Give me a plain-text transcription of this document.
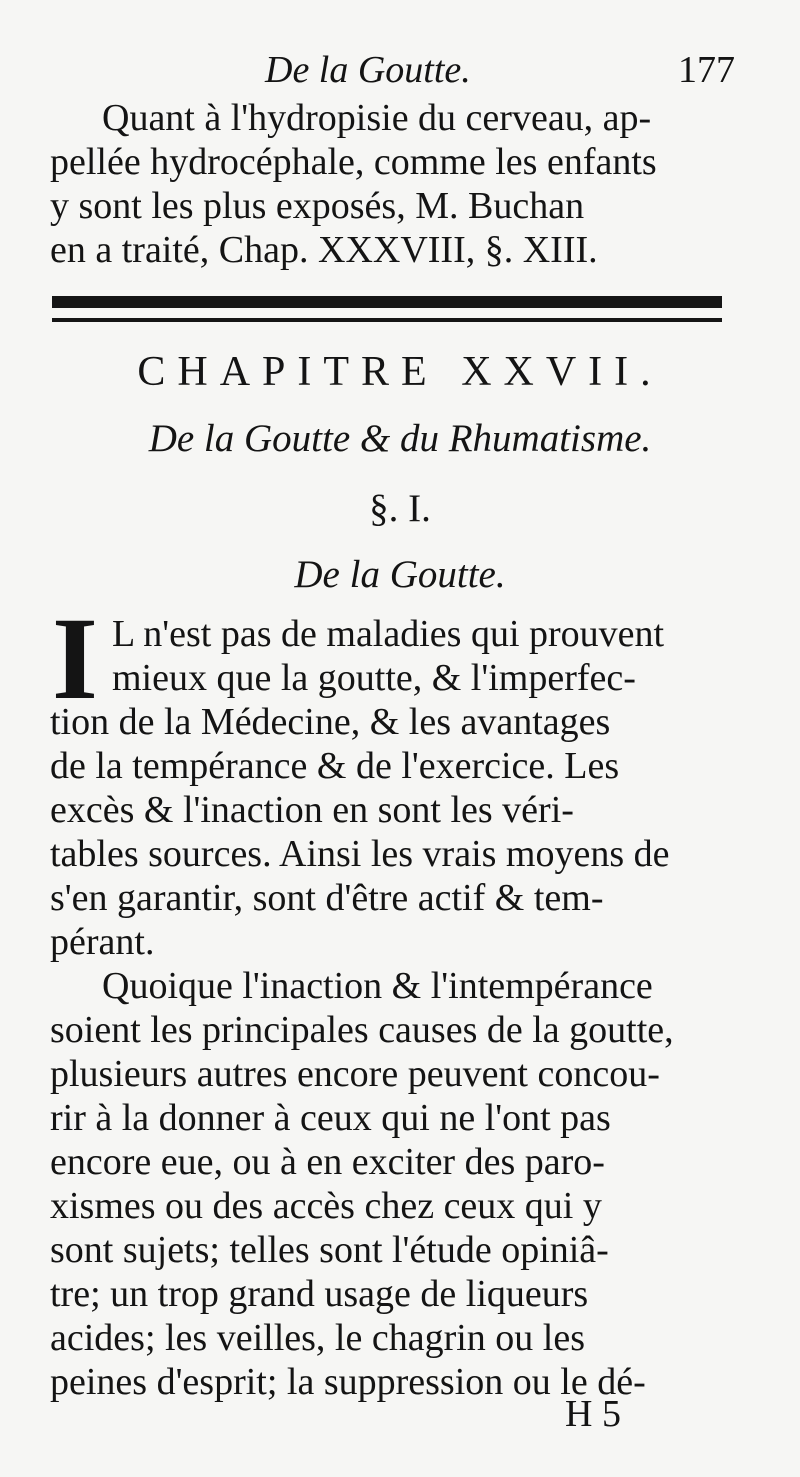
De la Goutte.	177
Quant à l'hydropisie du cerveau, ap-
pellée hydrocéphale, comme les enfants
y sont les plus exposés, M. Buchan
en a traité, Chap. XXXVIII, §. XIII.
CHAPITRE XXVII.
De la Goutte & du Rhumatisme.
§. I.
De la Goutte.
I L n'est pas de maladies qui prouvent
mieux que la goutte, & l'imperfec-
tion de la Médecine, & les avantages
de la tempérance & de l'exercice. Les
excès & l'inaction en sont les véri-
tables sources. Ainsi les vrais moyens de
s'en garantir, sont d'être actif & tem-
pérant.
Quoique l'inaction & l'intempérance
soient les principales causes de la goutte,
plusieurs autres encore peuvent concou-
rir à la donner à ceux qui ne l'ont pas
encore eue, ou à en exciter des paro-
xismes ou des accès chez ceux qui y
sont sujets; telles sont l'étude opiniâ-
tre; un trop grand usage de liqueurs
acides; les veilles, le chagrin ou les
peines d'esprit; la suppression ou le dé-
H 5
